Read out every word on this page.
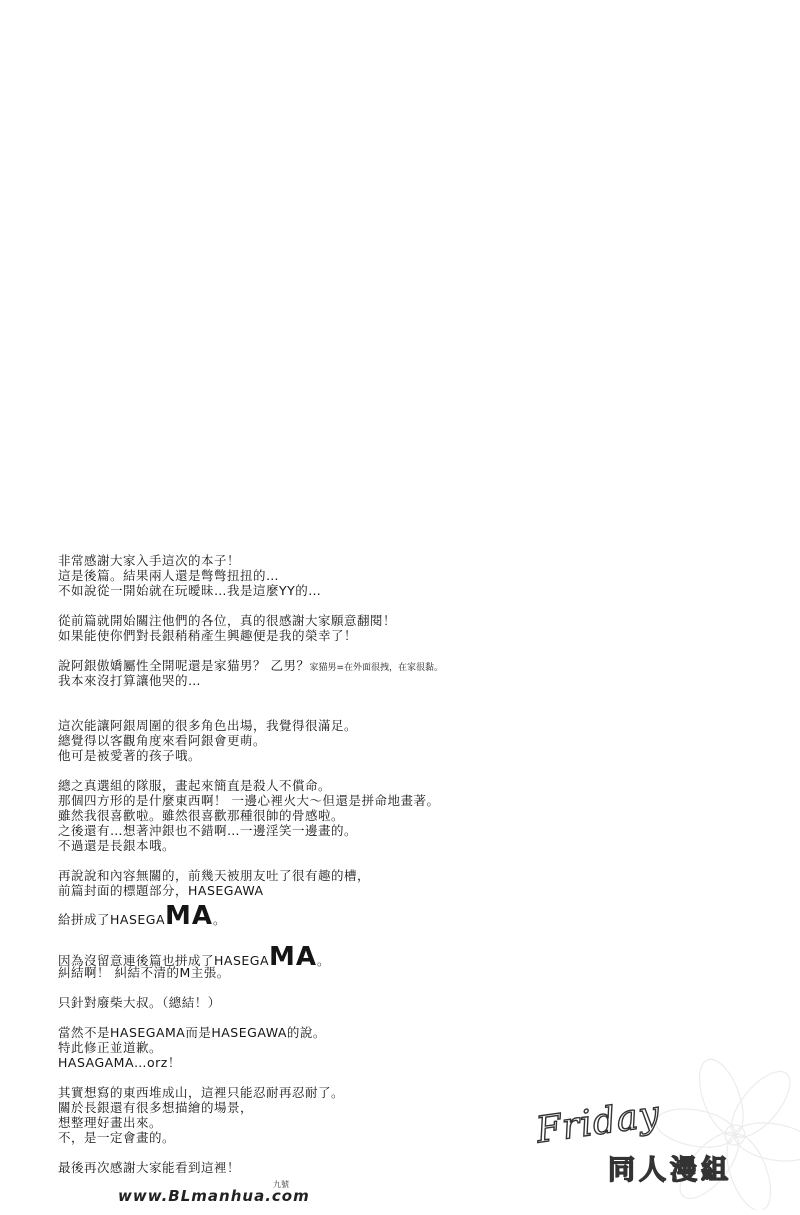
非常感謝大家入手這次的本子！
這是後篇。結果兩人還是彆彆扭扭的…
不如說從一開始就在玩曖昧…我是這麼YY的…
從前篇就開始關注他們的各位，真的很感謝大家願意翻閱！
如果能使你們對長銀稍稍產生興趣便是我的榮幸了！
說阿銀傲嬌屬性全開呢還是家猫男？ 乙男？家猫男=在外面很拽，在家很黏。
我本來沒打算讓他哭的…
這次能讓阿銀周圍的很多角色出場，我覺得很滿足。
總覺得以客觀角度來看阿銀會更萌。
他可是被愛著的孩子哦。
總之真選組的隊服，畫起來簡直是殺人不償命。
那個四方形的是什麼東西啊！ 一邊心裡火大～但還是拼命地畫著。
雖然我很喜歡啦。雖然很喜歡那種很帥的骨感啦。
之後還有…想著沖銀也不錯啊…一邊淫笑一邊畫的。
不過還是長銀本哦。
再說說和內容無關的，前幾天被朋友吐了很有趣的槽，
前篇封面的標題部分，HASEGAWA
給拼成了HASEGAMA。
因為沒留意連後篇也拼成了HASEGAMA。
糾結啊！ 糾結不清的M主張。
只針對廢柴大叔。（總結！）
當然不是HASEGAMA而是HASEGAWA的說。
特此修正並道歉。
HASAGAMA…orz！
其實想寫的東西堆成山，這裡只能忍耐再忍耐了。
關於長銀還有很多想描繪的場景，
想整理好畫出來。
不，是一定會畫的。
最後再次感謝大家能看到這裡！
Friday
同人漫組
九號
www.BLmanhua.com
